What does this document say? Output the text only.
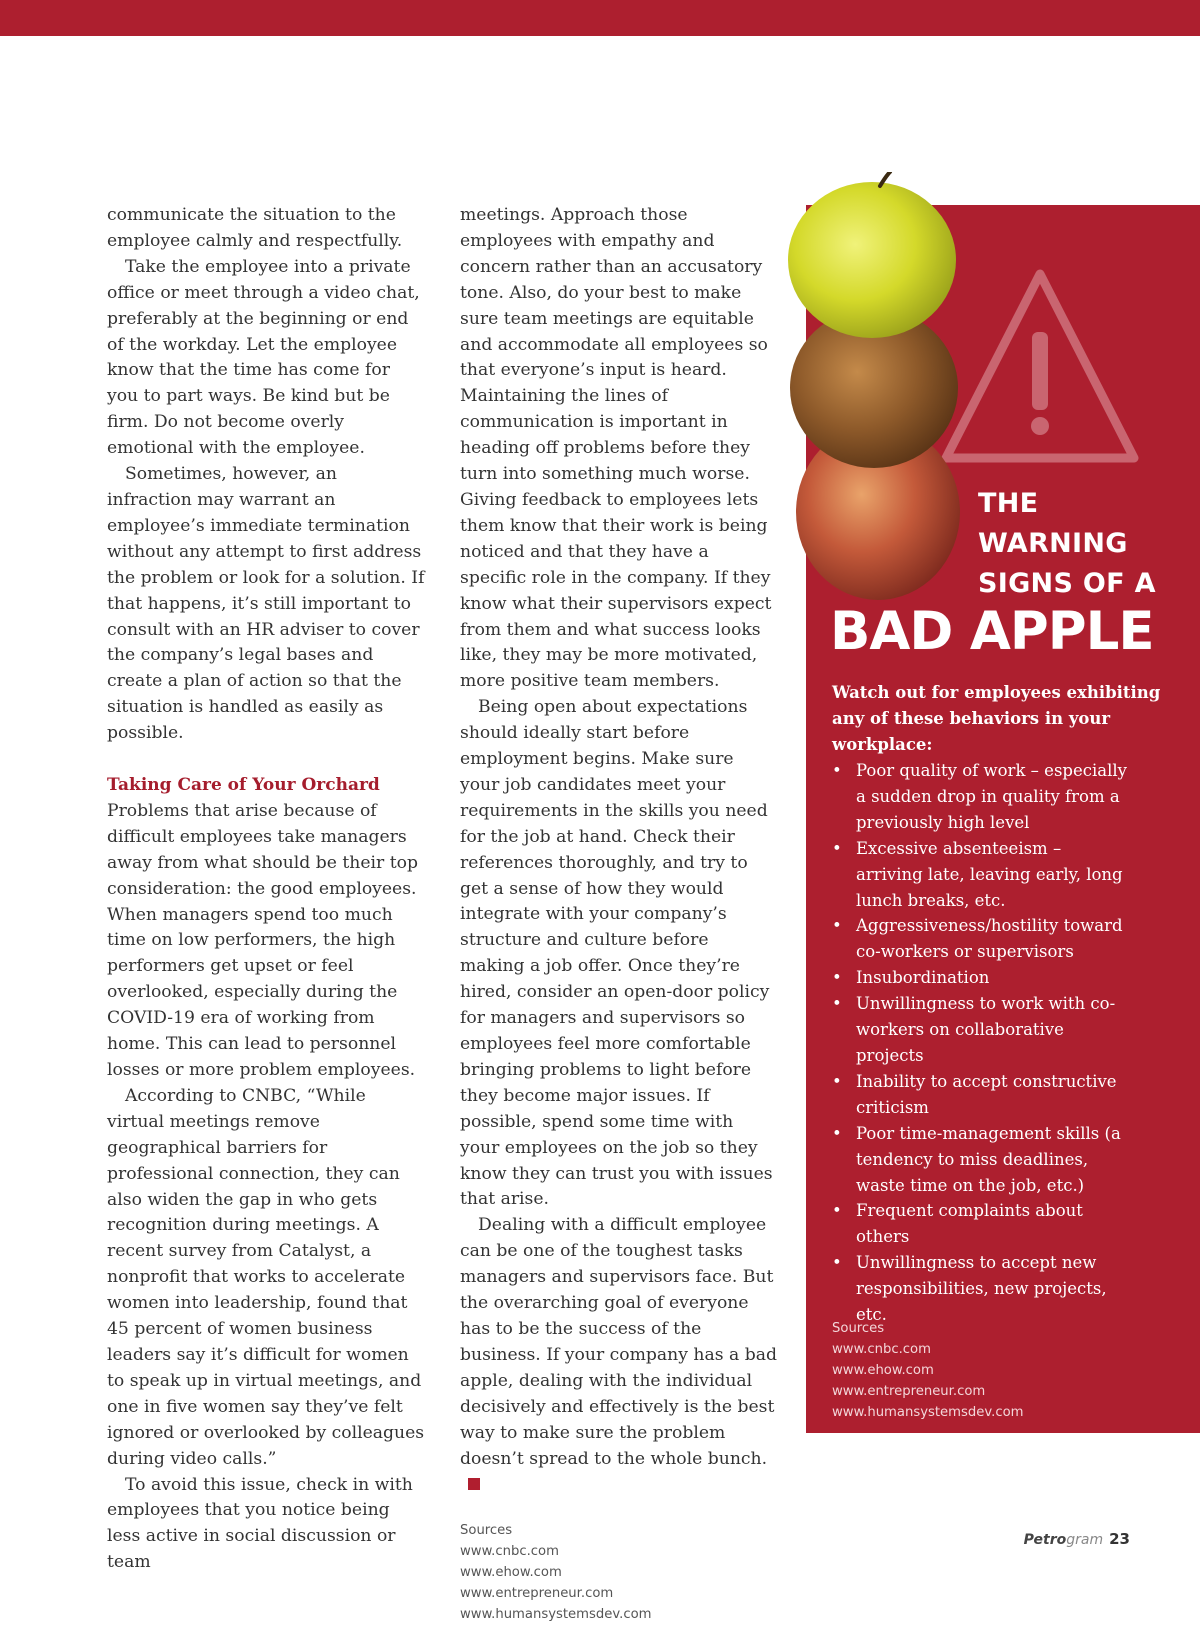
communicate the situation to the employee calmly and respectfully.

Take the employee into a private office or meet through a video chat, preferably at the beginning or end of the workday. Let the employee know that the time has come for you to part ways. Be kind but be firm. Do not become overly emotional with the employee.

Sometimes, however, an infraction may warrant an employee’s immediate termination without any attempt to first address the problem or look for a solution. If that happens, it’s still important to consult with an HR adviser to cover the company’s legal bases and create a plan of action so that the situation is handled as easily as possible.

Taking Care of Your Orchard

Problems that arise because of difficult employees take managers away from what should be their top consideration: the good employees. When managers spend too much time on low performers, the high performers get upset or feel overlooked, especially during the COVID-19 era of working from home. This can lead to personnel losses or more problem employees.

According to CNBC, “While virtual meetings remove geographical barriers for professional connection, they can also widen the gap in who gets recognition during meetings. A recent survey from Catalyst, a nonprofit that works to accelerate women into leadership, found that 45 percent of women business leaders say it’s difficult for women to speak up in virtual meetings, and one in five women say they’ve felt ignored or overlooked by colleagues during video calls.”

To avoid this issue, check in with employees that you notice being less active in social discussion or team

meetings. Approach those employees with empathy and concern rather than an accusatory tone. Also, do your best to make sure team meetings are equitable and accommodate all employees so that everyone’s input is heard. Maintaining the lines of communication is important in heading off problems before they turn into something much worse. Giving feedback to employees lets them know that their work is being noticed and that they have a specific role in the company. If they know what their supervisors expect from them and what success looks like, they may be more motivated, more positive team members.

Being open about expectations should ideally start before employment begins. Make sure your job candidates meet your requirements in the skills you need for the job at hand. Check their references thoroughly, and try to get a sense of how they would integrate with your company’s structure and culture before making a job offer. Once they’re hired, consider an open-door policy for managers and supervisors so employees feel more comfortable bringing problems to light before they become major issues. If possible, spend some time with your employees on the job so they know they can trust you with issues that arise.

Dealing with a difficult employee can be one of the toughest tasks managers and supervisors face. But the overarching goal of everyone has to be the success of the business. If your company has a bad apple, dealing with the individual decisively and effectively is the best way to make sure the problem doesn’t spread to the whole bunch.

Sources
www.cnbc.com
www.ehow.com
www.entrepreneur.com
www.humansystemsdev.com
THE
WARNING
SIGNS OF A
BAD APPLE
Watch out for employees exhibiting any of these behaviors in your workplace:
• Poor quality of work – especially a sudden drop in quality from a previously high level
• Excessive absenteeism – arriving late, leaving early, long lunch breaks, etc.
• Aggressiveness/hostility toward co-workers or supervisors
• Insubordination
• Unwillingness to work with co-workers on collaborative projects
• Inability to accept constructive criticism
• Poor time-management skills (a tendency to miss deadlines, waste time on the job, etc.)
• Frequent complaints about others
• Unwillingness to accept new responsibilities, new projects, etc.
Sources
www.cnbc.com
www.ehow.com
www.entrepreneur.com
www.humansystemsdev.com
Petrogram 23
